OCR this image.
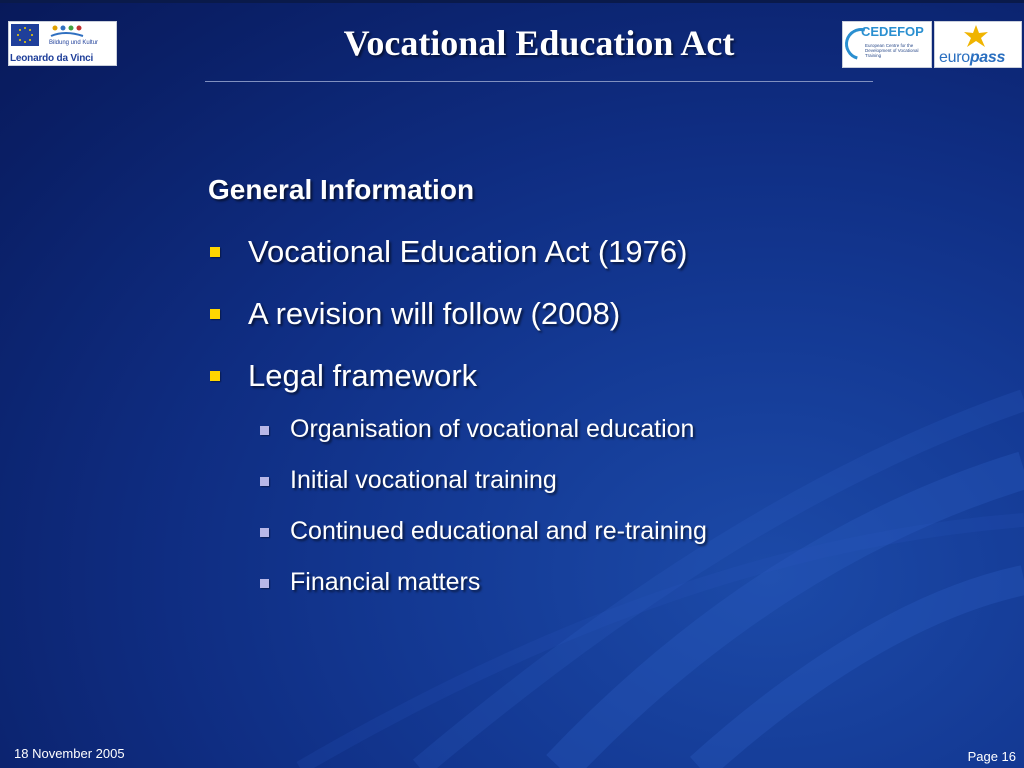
Bildung und Kultur
Leonardo da Vinci	Vocational Education Act	CEDEFOP
European Centre for the Development of Vocational Training	europass
General Information
Vocational Education Act (1976)
A revision will follow (2008)
Legal framework
Organisation of vocational education
Initial vocational training
Continued educational and re-training
Financial matters
18 November 2005	Page 16
